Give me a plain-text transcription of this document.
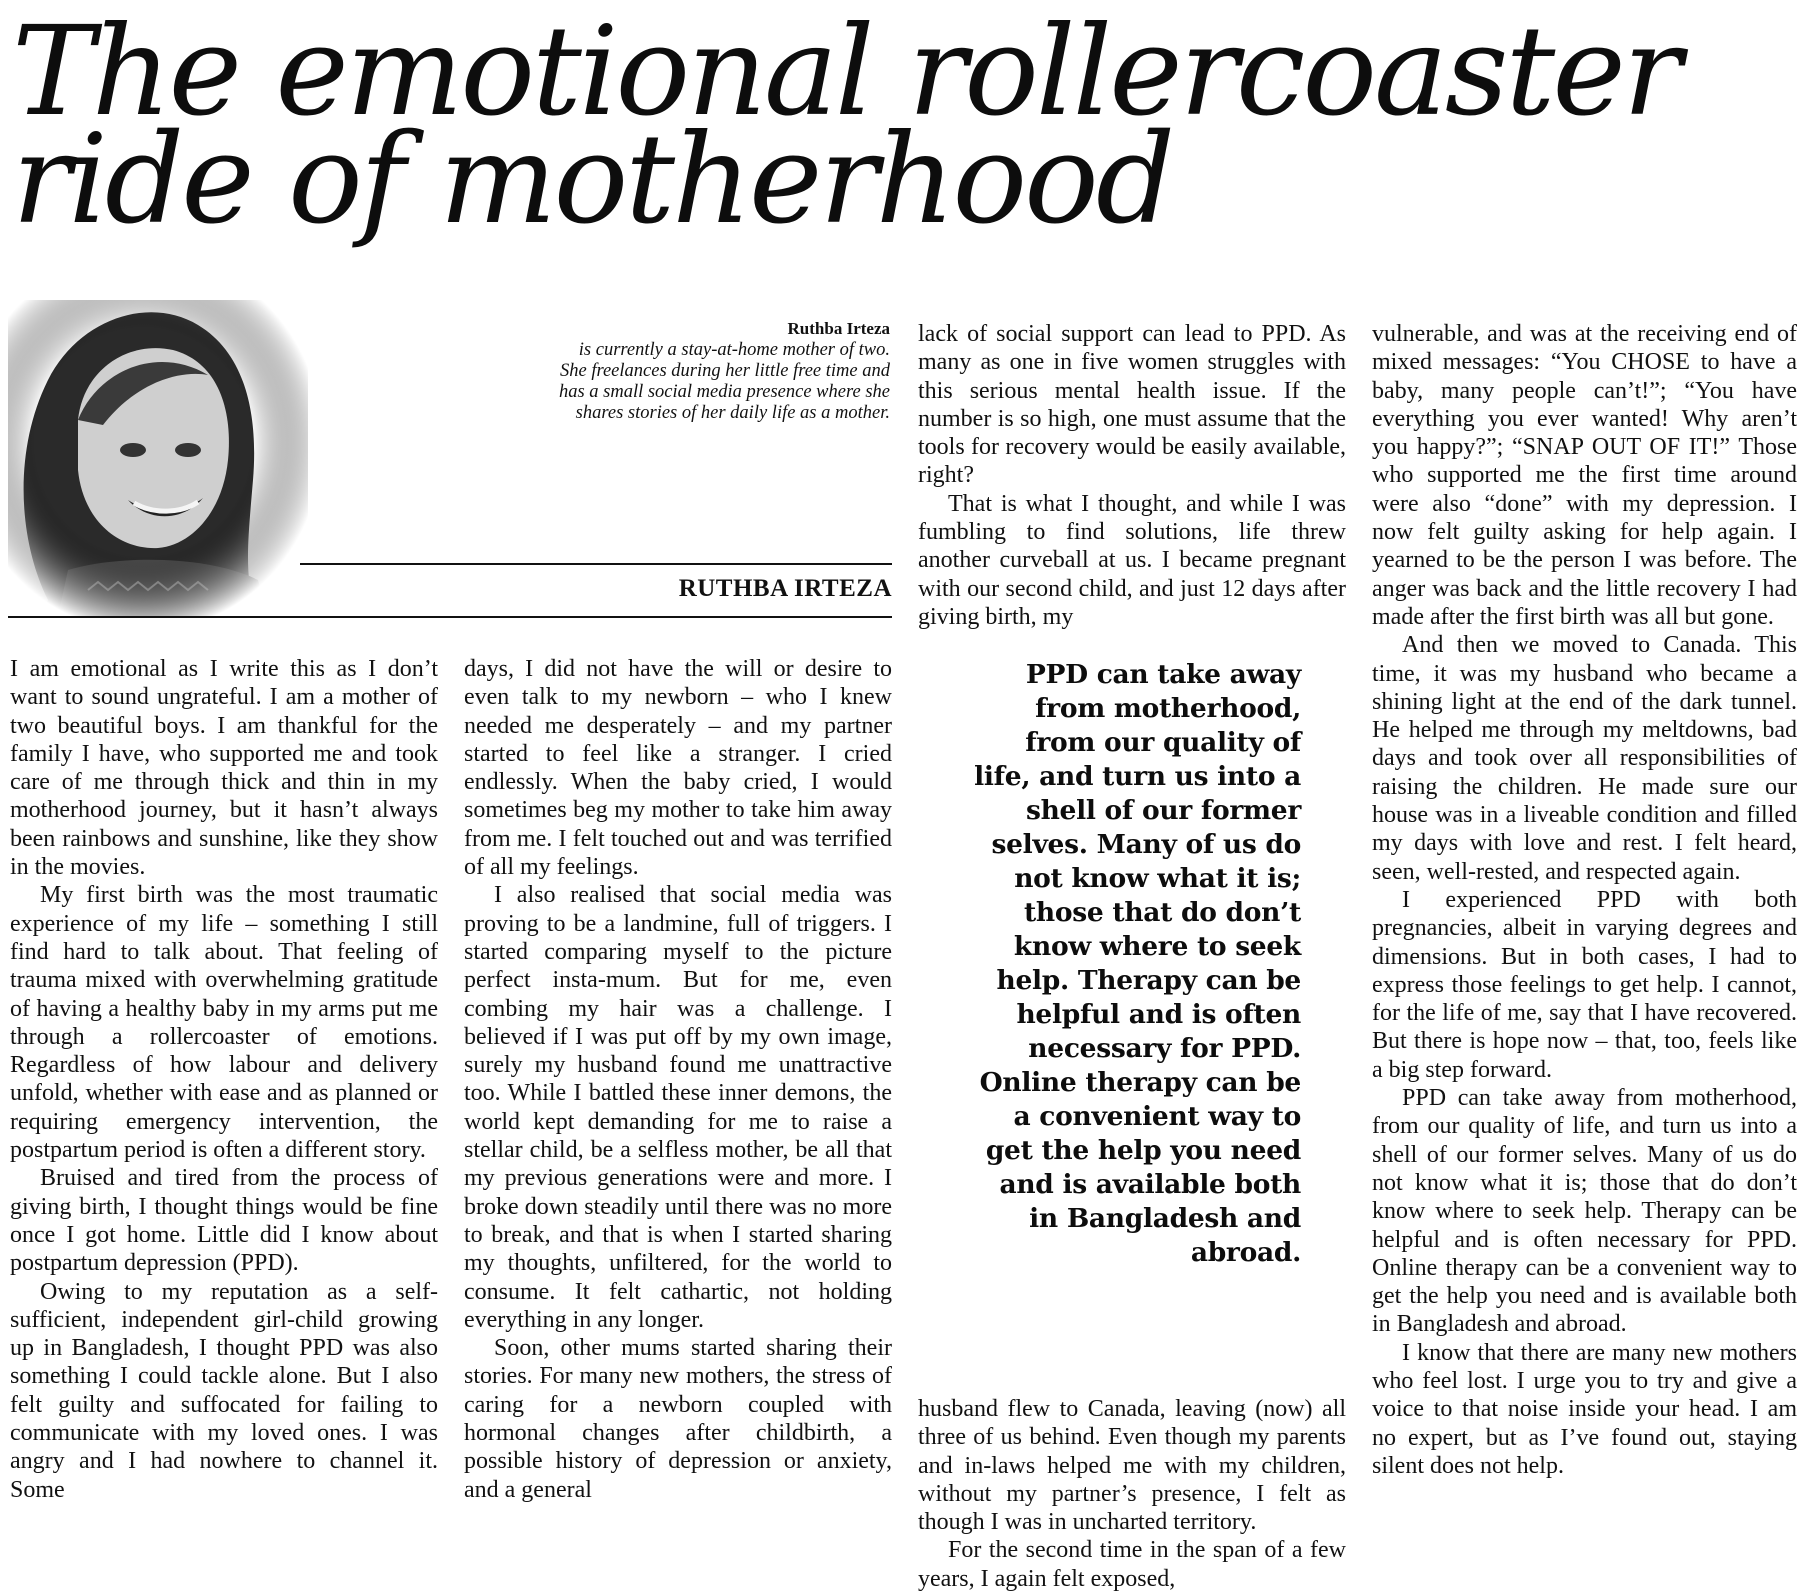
The emotional rollercoaster
ride of motherhood
Ruthba Irteza
is currently a stay-at-home mother of two.
She freelances during her little free time and
has a small social media presence where she
shares stories of her daily life as a mother.
RUTHBA IRTEZA

I am emotional as I write this as I don’t want to sound ungrateful. I am a mother of two beautiful boys. I am thankful for the family I have, who supported me and took care of me through thick and thin in my motherhood journey, but it hasn’t always been rainbows and sunshine, like they show in the movies.

My first birth was the most traumatic experience of my life – something I still find hard to talk about. That feeling of trauma mixed with overwhelming gratitude of having a healthy baby in my arms put me through a rollercoaster of emotions. Regardless of how labour and delivery unfold, whether with ease and as planned or requiring emergency intervention, the postpartum period is often a different story.

Bruised and tired from the process of giving birth, I thought things would be fine once I got home. Little did I know about postpartum depression (PPD).

Owing to my reputation as a self-sufficient, independent girl-child growing up in Bangladesh, I thought PPD was also something I could tackle alone. But I also felt guilty and suffocated for failing to communicate with my loved ones. I was angry and I had nowhere to channel it. Some

days, I did not have the will or desire to even talk to my newborn – who I knew needed me desperately – and my partner started to feel like a stranger. I cried endlessly. When the baby cried, I would sometimes beg my mother to take him away from me. I felt touched out and was terrified of all my feelings.

I also realised that social media was proving to be a landmine, full of triggers. I started comparing myself to the picture perfect insta-mum. But for me, even combing my hair was a challenge. I believed if I was put off by my own image, surely my husband found me unattractive too. While I battled these inner demons, the world kept demanding for me to raise a stellar child, be a selfless mother, be all that my previous generations were and more. I broke down steadily until there was no more to break, and that is when I started sharing my thoughts, unfiltered, for the world to consume. It felt cathartic, not holding everything in any longer.

Soon, other mums started sharing their stories. For many new mothers, the stress of caring for a newborn coupled with hormonal changes after childbirth, a possible history of depression or anxiety, and a general

lack of social support can lead to PPD. As many as one in five women struggles with this serious mental health issue. If the number is so high, one must assume that the tools for recovery would be easily available, right?

That is what I thought, and while I was fumbling to find solutions, life threw another curveball at us. I became pregnant with our second child, and just 12 days after giving birth, my

PPD can take away from motherhood, from our quality of life, and turn us into a shell of our former selves. Many of us do not know what it is; those that do don’t know where to seek help. Therapy can be helpful and is often necessary for PPD. Online therapy can be a convenient way to get the help you need and is available both in Bangladesh and abroad.

husband flew to Canada, leaving (now) all three of us behind. Even though my parents and in-laws helped me with my children, without my partner’s presence, I felt as though I was in uncharted territory.

For the second time in the span of a few years, I again felt exposed,

vulnerable, and was at the receiving end of mixed messages: “You CHOSE to have a baby, many people can’t!”; “You have everything you ever wanted! Why aren’t you happy?”; “SNAP OUT OF IT!” Those who supported me the first time around were also “done” with my depression. I now felt guilty asking for help again. I yearned to be the person I was before. The anger was back and the little recovery I had made after the first birth was all but gone.

And then we moved to Canada. This time, it was my husband who became a shining light at the end of the dark tunnel. He helped me through my meltdowns, bad days and took over all responsibilities of raising the children. He made sure our house was in a liveable condition and filled my days with love and rest. I felt heard, seen, well-rested, and respected again.

I experienced PPD with both pregnancies, albeit in varying degrees and dimensions. But in both cases, I had to express those feelings to get help. I cannot, for the life of me, say that I have recovered. But there is hope now – that, too, feels like a big step forward.

PPD can take away from motherhood, from our quality of life, and turn us into a shell of our former selves. Many of us do not know what it is; those that do don’t know where to seek help. Therapy can be helpful and is often necessary for PPD. Online therapy can be a convenient way to get the help you need and is available both in Bangladesh and abroad.

I know that there are many new mothers who feel lost. I urge you to try and give a voice to that noise inside your head. I am no expert, but as I’ve found out, staying silent does not help.
